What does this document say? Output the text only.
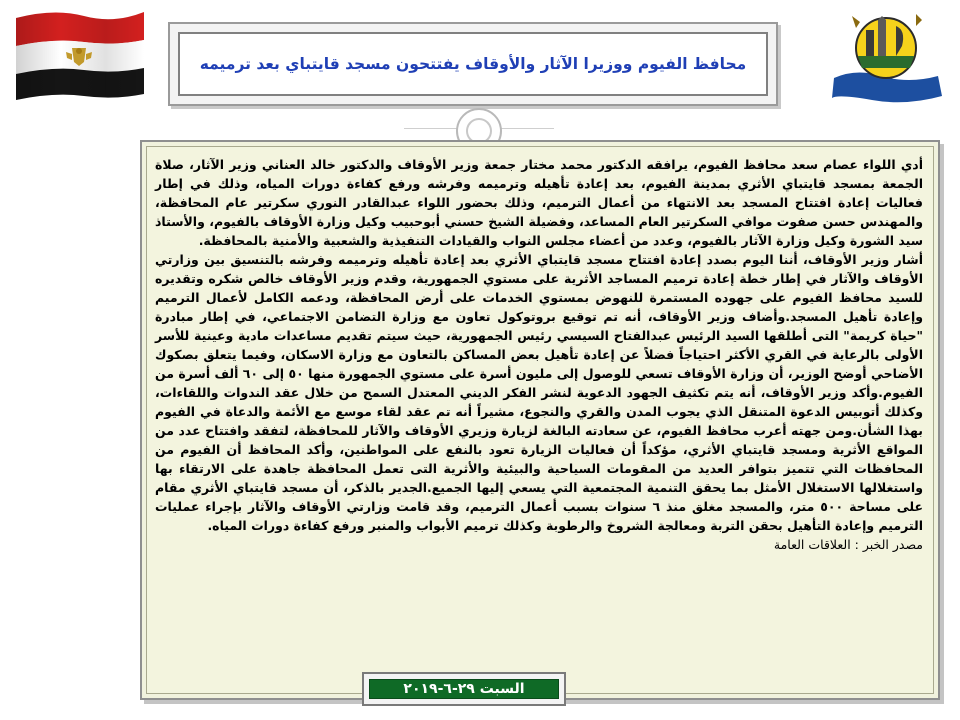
محافظ الفيوم ووزيرا الآثار والأوقاف يفتتحون مسجد قايتباي بعد ترميمه

أدي اللواء عصام سعد محافظ الفيوم، يرافقه الدكتور محمد مختار جمعة وزير الأوقاف والدكتور خالد العناني وزير الآثار، صلاة الجمعة بمسجد قايتباي الأثري بمدينة الفيوم، بعد إعادة تأهيله وترميمه وفرشه ورفع كفاءة دورات المياه، وذلك في إطار فعاليات إعادة افتتاح المسجد بعد الانتهاء من أعمال الترميم، وذلك بحضور اللواء عبدالقادر النوري سكرتير عام المحافظة، والمهندس حسن صفوت موافي السكرتير العام المساعد، وفضيلة الشيخ حسني أبوحبيب وكيل وزارة الأوقاف بالفيوم، والأستاذ سيد الشورة وكيل وزارة الآثار بالفيوم، وعدد من أعضاء مجلس النواب والقيادات التنفيذية والشعبية والأمنية بالمحافظة.

أشار وزير الأوقاف، أننا اليوم بصدد إعادة افتتاح مسجد قايتباي الأثري بعد إعادة تأهيله وترميمه وفرشه بالتنسيق بين وزارتي الأوقاف والآثار في إطار خطة إعادة ترميم المساجد الأثرية على مستوي الجمهورية، وقدم وزير الأوقاف خالص شكره وتقديره للسيد محافظ الفيوم على جهوده المستمرة للنهوض بمستوي الخدمات على أرض المحافظة، ودعمه الكامل لأعمال الترميم وإعادة تأهيل المسجد.وأضاف وزير الأوقاف، أنه تم توقيع بروتوكول تعاون مع وزارة التضامن الاجتماعي، في إطار مبادرة "حياة كريمة" التى أطلقها السيد الرئيس عبدالفتاح السيسي رئيس الجمهورية، حيث سيتم تقديم مساعدات مادية وعينية للأسر الأولى بالرعاية في القري الأكثر احتياجاً فضلاً عن إعادة تأهيل بعض المساكن بالتعاون مع وزارة الاسكان، وفيما يتعلق بصكوك الأضاحي أوضح الوزير، أن وزارة الأوقاف تسعي للوصول إلى مليون أسرة على مستوي الجمهورة منها ٥٠ إلى ٦٠ ألف أسرة من الفيوم.وأكد وزير الأوقاف، أنه يتم تكثيف الجهود الدعوية لنشر الفكر الديني المعتدل السمح من خلال عقد الندوات واللقاءات، وكذلك أتوبيس الدعوة المتنقل الذي يجوب المدن والقري والنجوع، مشيراً أنه تم عقد لقاء موسع مع الأئمة والدعاة في الفيوم بهذا الشأن.ومن جهته أعرب محافظ الفيوم، عن سعادته البالغة لزيارة وزيري الأوقاف والآثار للمحافظة، لتفقد وافتتاح عدد من المواقع الأثرية ومسجد قايتباي الأثري، مؤكداً أن فعاليات الزيارة تعود بالنفع على المواطنين، وأكد المحافظ أن الفيوم من المحافظات التي تتميز بتوافر العديد من المقومات السياحية والبيئية والأثرية التى تعمل المحافظة جاهدة على الارتقاء بها واستغلالها الاستغلال الأمثل بما يحقق التنمية المجتمعية التي يسعي إليها الجميع.الجدير بالذكر، أن مسجد قايتباي الأثري مقام على مساحة ٥٠٠ متر، والمسجد مغلق منذ ٦ سنوات بسبب أعمال الترميم، وقد قامت وزارتي الأوقاف والآثار بإجراء عمليات الترميم وإعادة التأهيل بحقن التربة ومعالجة الشروخ والرطوبة وكذلك ترميم الأبواب والمنبر ورفع كفاءة دورات المياه.

مصدر الخبر : العلاقات العامة

السبت ٢٩-٦-٢٠١٩
